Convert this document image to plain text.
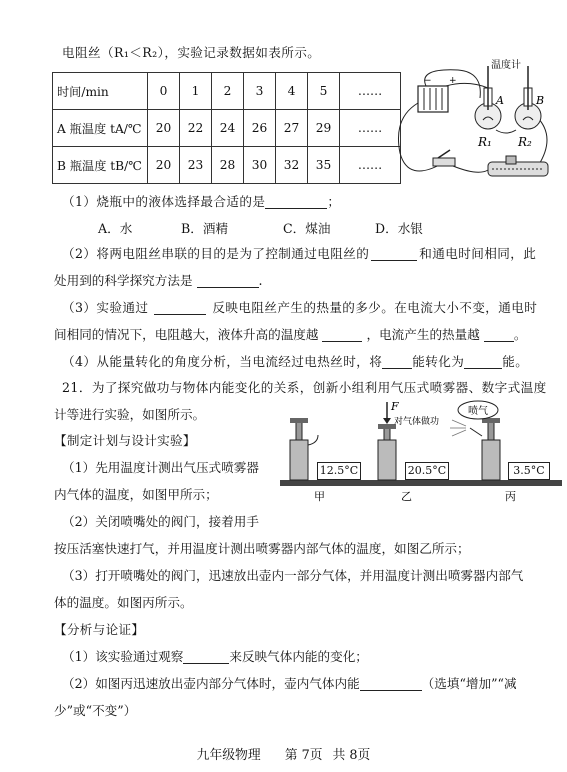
电阻丝（R₁＜R₂），实验记录数据如表所示。
时间/min	0	1	2	3	4	5	……
A 瓶温度 tA/℃	20	22	24	26	27	29	……
B 瓶温度 tB/℃	20	23	28	30	32	35	……
− +
温度计
A	B
R₁ R₂
（1）烧瓶中的液体选择最合适的是	；
A．水	B．酒精	C．煤油	D．水银
（2）将两电阻丝串联的目的是为了控制通过电阻丝的	和通电时间相同，此
处用到的科学探究方法是	.
（3）实验通过	反映电阻丝产生的热量的多少。在电流大小不变，通电时
间相同的情况下，电阻越大，液体升高的温度越	，电流产生的热量越	。
（4）从能量转化的角度分析，当电流经过电热丝时，将 能转化为	能。
21．为了探究做功与物体内能变化的关系，创新小组利用气压式喷雾器、数字式温度
计等进行实验，如图所示。
【制定计划与设计实验】
（1）先用温度计测出气压式喷雾器
内气体的温度，如图甲所示；
（2）关闭喷嘴处的阀门，接着用手
按压活塞快速打气，并用温度计测出喷雾器内部气体的温度，如图乙所示；
（3）打开喷嘴处的阀门，迅速放出壶内一部分气体，并用温度计测出喷雾器内部气
体的温度。如图丙所示。
【分析与论证】
（1）该实验通过观察	来反映气体内能的变化；
（2）如图丙迅速放出壶内部分气体时，壶内气体内能	（选填“增加”“减
少”或“不变”）
F
对气体做功
喷气
甲	乙	丙
12.5°C	20.5°C	3.5°C
九年级物理 第 7页 共 8页
